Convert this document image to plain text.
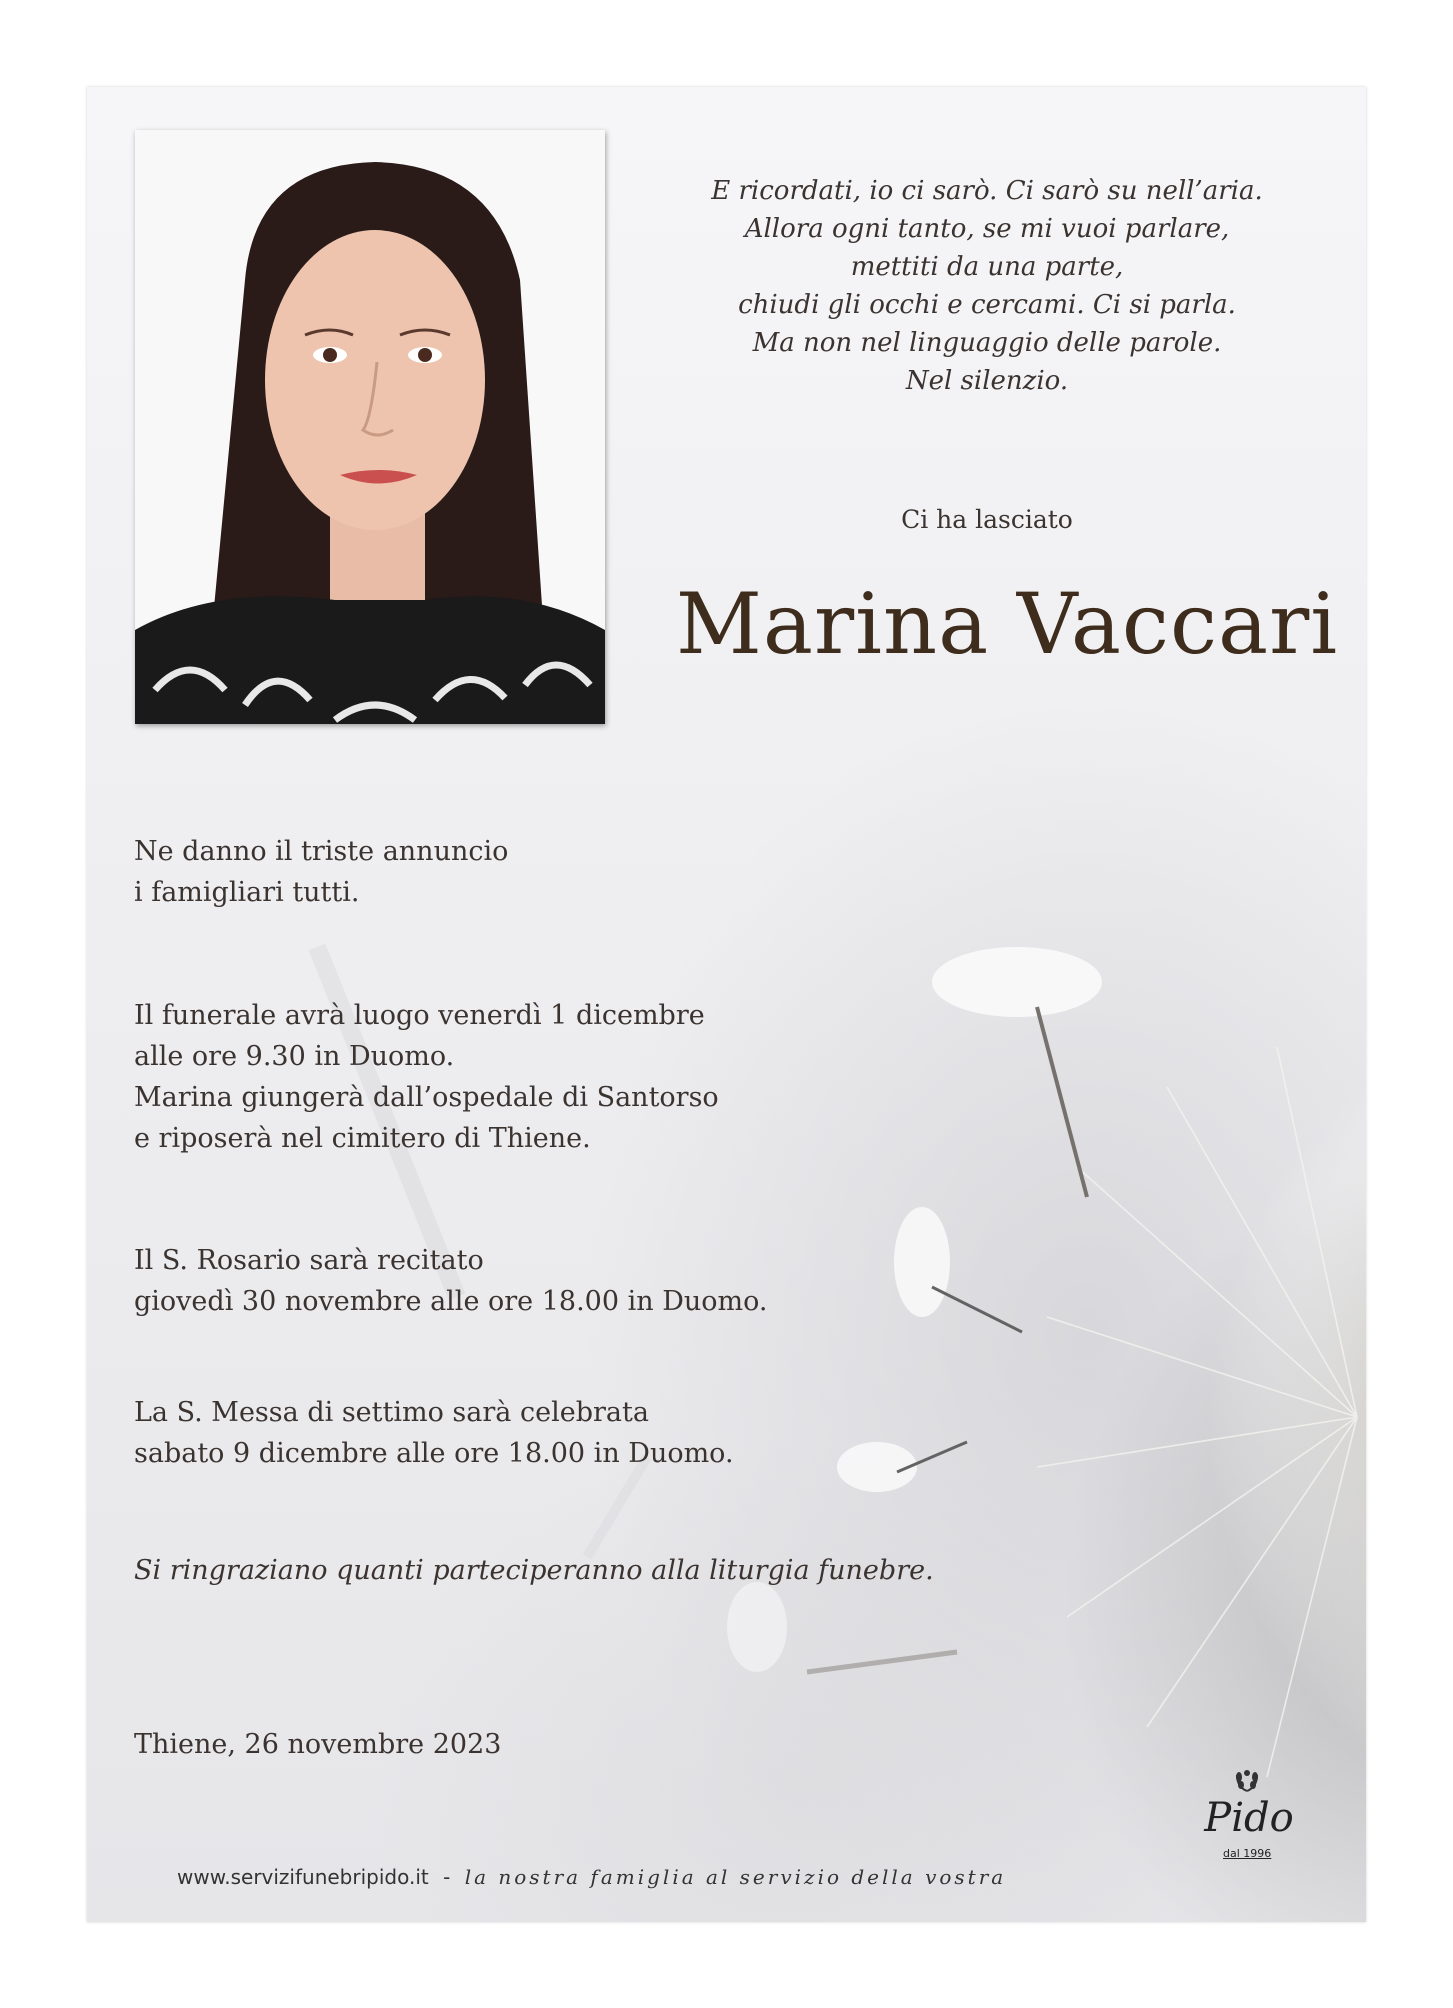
E ricordati, io ci sarò. Ci sarò su nell’aria.
Allora ogni tanto, se mi vuoi parlare,
mettiti da una parte,
chiudi gli occhi e cercami. Ci si parla.
Ma non nel linguaggio delle parole.
Nel silenzio.
Ci ha lasciato
Marina Vaccari
Ne danno il triste annuncio
i famigliari tutti.
Il funerale avrà luogo venerdì 1 dicembre
alle ore 9.30 in Duomo.
Marina giungerà dall’ospedale di Santorso
e riposerà nel cimitero di Thiene.
Il S. Rosario sarà recitato
giovedì 30 novembre alle ore 18.00 in Duomo.
La S. Messa di settimo sarà celebrata
sabato 9 dicembre alle ore 18.00 in Duomo.
Si ringraziano quanti parteciperanno alla liturgia funebre.
Thiene, 26 novembre 2023
Pido
dal 1996
www.servizifunebripido.it - la nostra famiglia al servizio della vostra
